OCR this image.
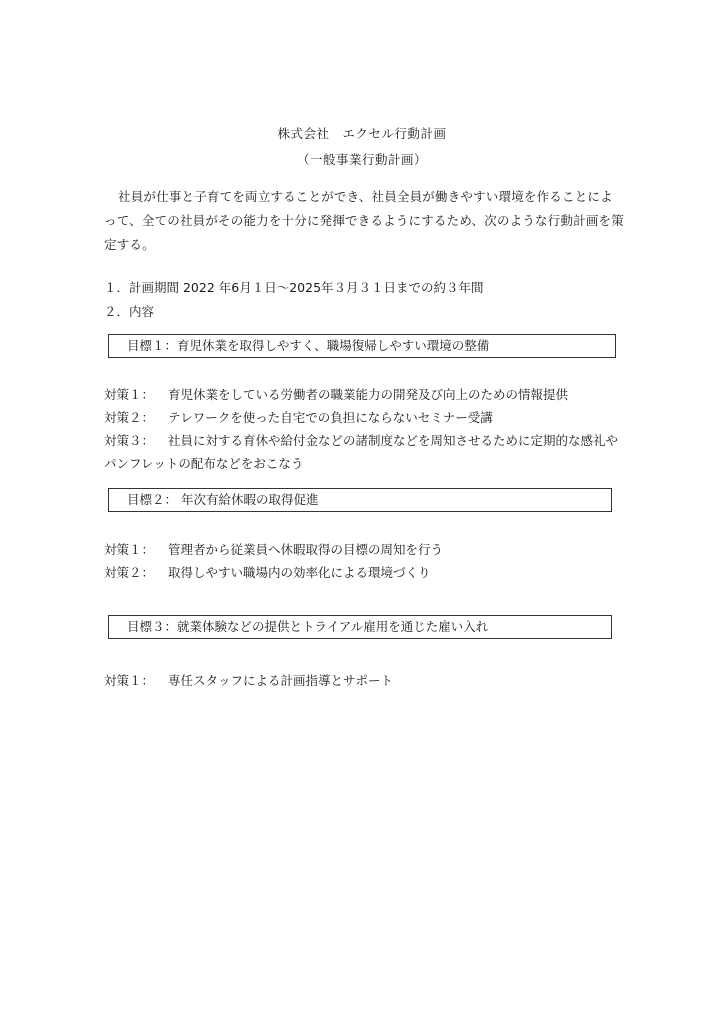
株式会社　エクセル行動計画
（一般事業行動計画）
社員が仕事と子育てを両立することができ、社員全員が働きやすい環境を作ることによって、全ての社員がその能力を十分に発揮できるようにするため、次のような行動計画を策定する。
１．計画期間 2022 年6月１日～2025年３月３１日までの約３年間
２．内容
目標１：育児休業を取得しやすく、職場復帰しやすい環境の整備
対策１： 育児休業をしている労働者の職業能力の開発及び向上のための情報提供
対策２： テレワークを使った自宅での負担にならないセミナー受講
対策３： 社員に対する育休や給付金などの諸制度などを周知させるために定期的な感礼やパンフレットの配布などをおこなう
目標２： 年次有給休暇の取得促進
対策１： 管理者から従業員へ休暇取得の目標の周知を行う
対策２： 取得しやすい職場内の効率化による環境づくり
目標３：就業体験などの提供とトライアル雇用を通じた雇い入れ
対策１： 専任スタッフによる計画指導とサポート
